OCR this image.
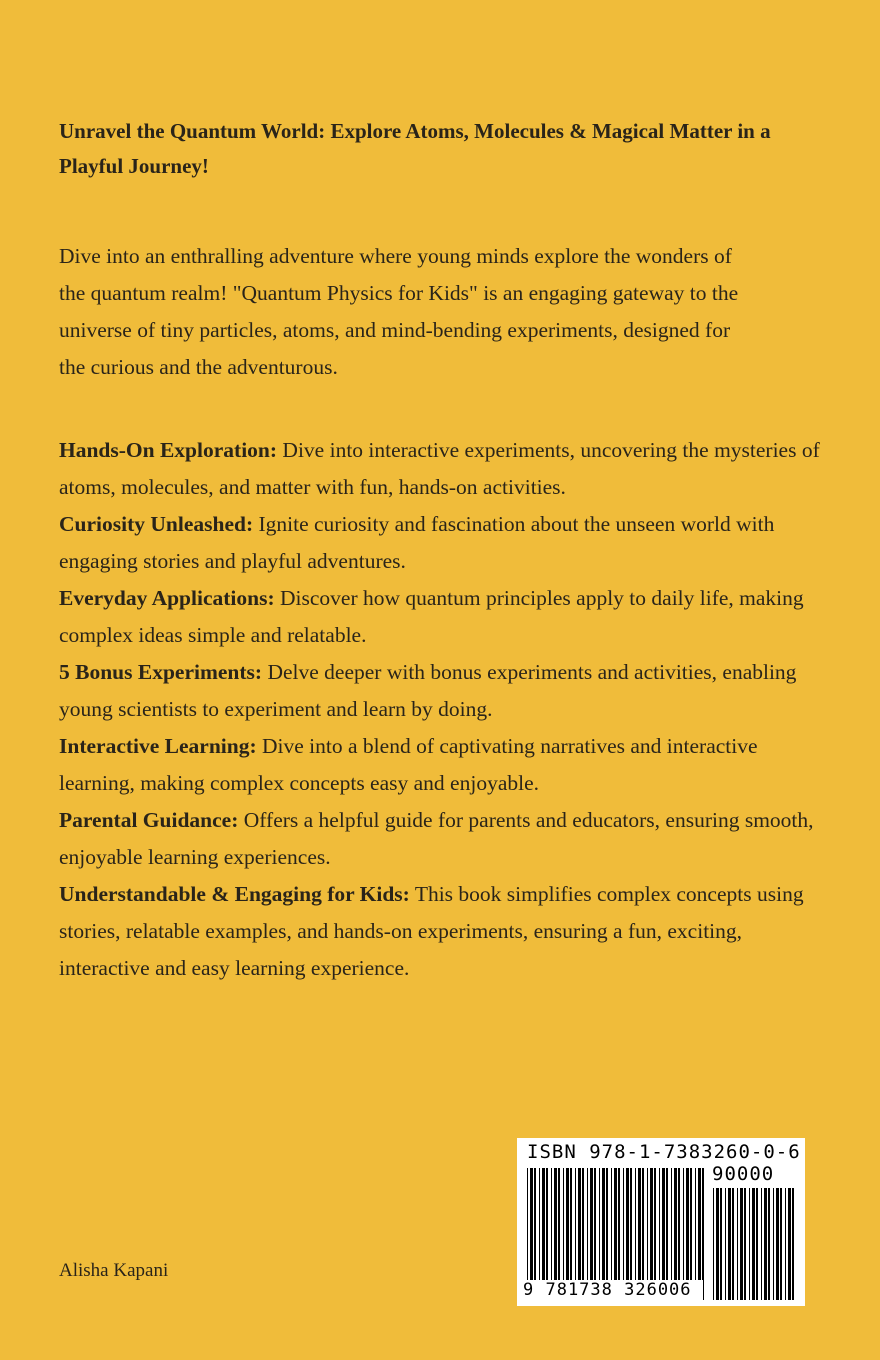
Unravel the Quantum World: Explore Atoms, Molecules & Magical Matter in a Playful Journey!

Dive into an enthralling adventure where young minds explore the wonders of the quantum realm! "Quantum Physics for Kids" is an engaging gateway to the universe of tiny particles, atoms, and mind-bending experiments, designed for the curious and the adventurous.

Hands-On Exploration: Dive into interactive experiments, uncovering the mysteries of atoms, molecules, and matter with fun, hands-on activities.
Curiosity Unleashed: Ignite curiosity and fascination about the unseen world with engaging stories and playful adventures.
Everyday Applications: Discover how quantum principles apply to daily life, making complex ideas simple and relatable.
5 Bonus Experiments: Delve deeper with bonus experiments and activities, enabling young scientists to experiment and learn by doing.
Interactive Learning: Dive into a blend of captivating narratives and interactive learning, making complex concepts easy and enjoyable.
Parental Guidance: Offers a helpful guide for parents and educators, ensuring smooth, enjoyable learning experiences.
Understandable & Engaging for Kids: This book simplifies complex concepts using stories, relatable examples, and hands-on experiments, ensuring a fun, exciting, interactive and easy learning experience.
Alisha Kapani
ISBN 978-1-7383260-0-6
90000
9 781738 326006
